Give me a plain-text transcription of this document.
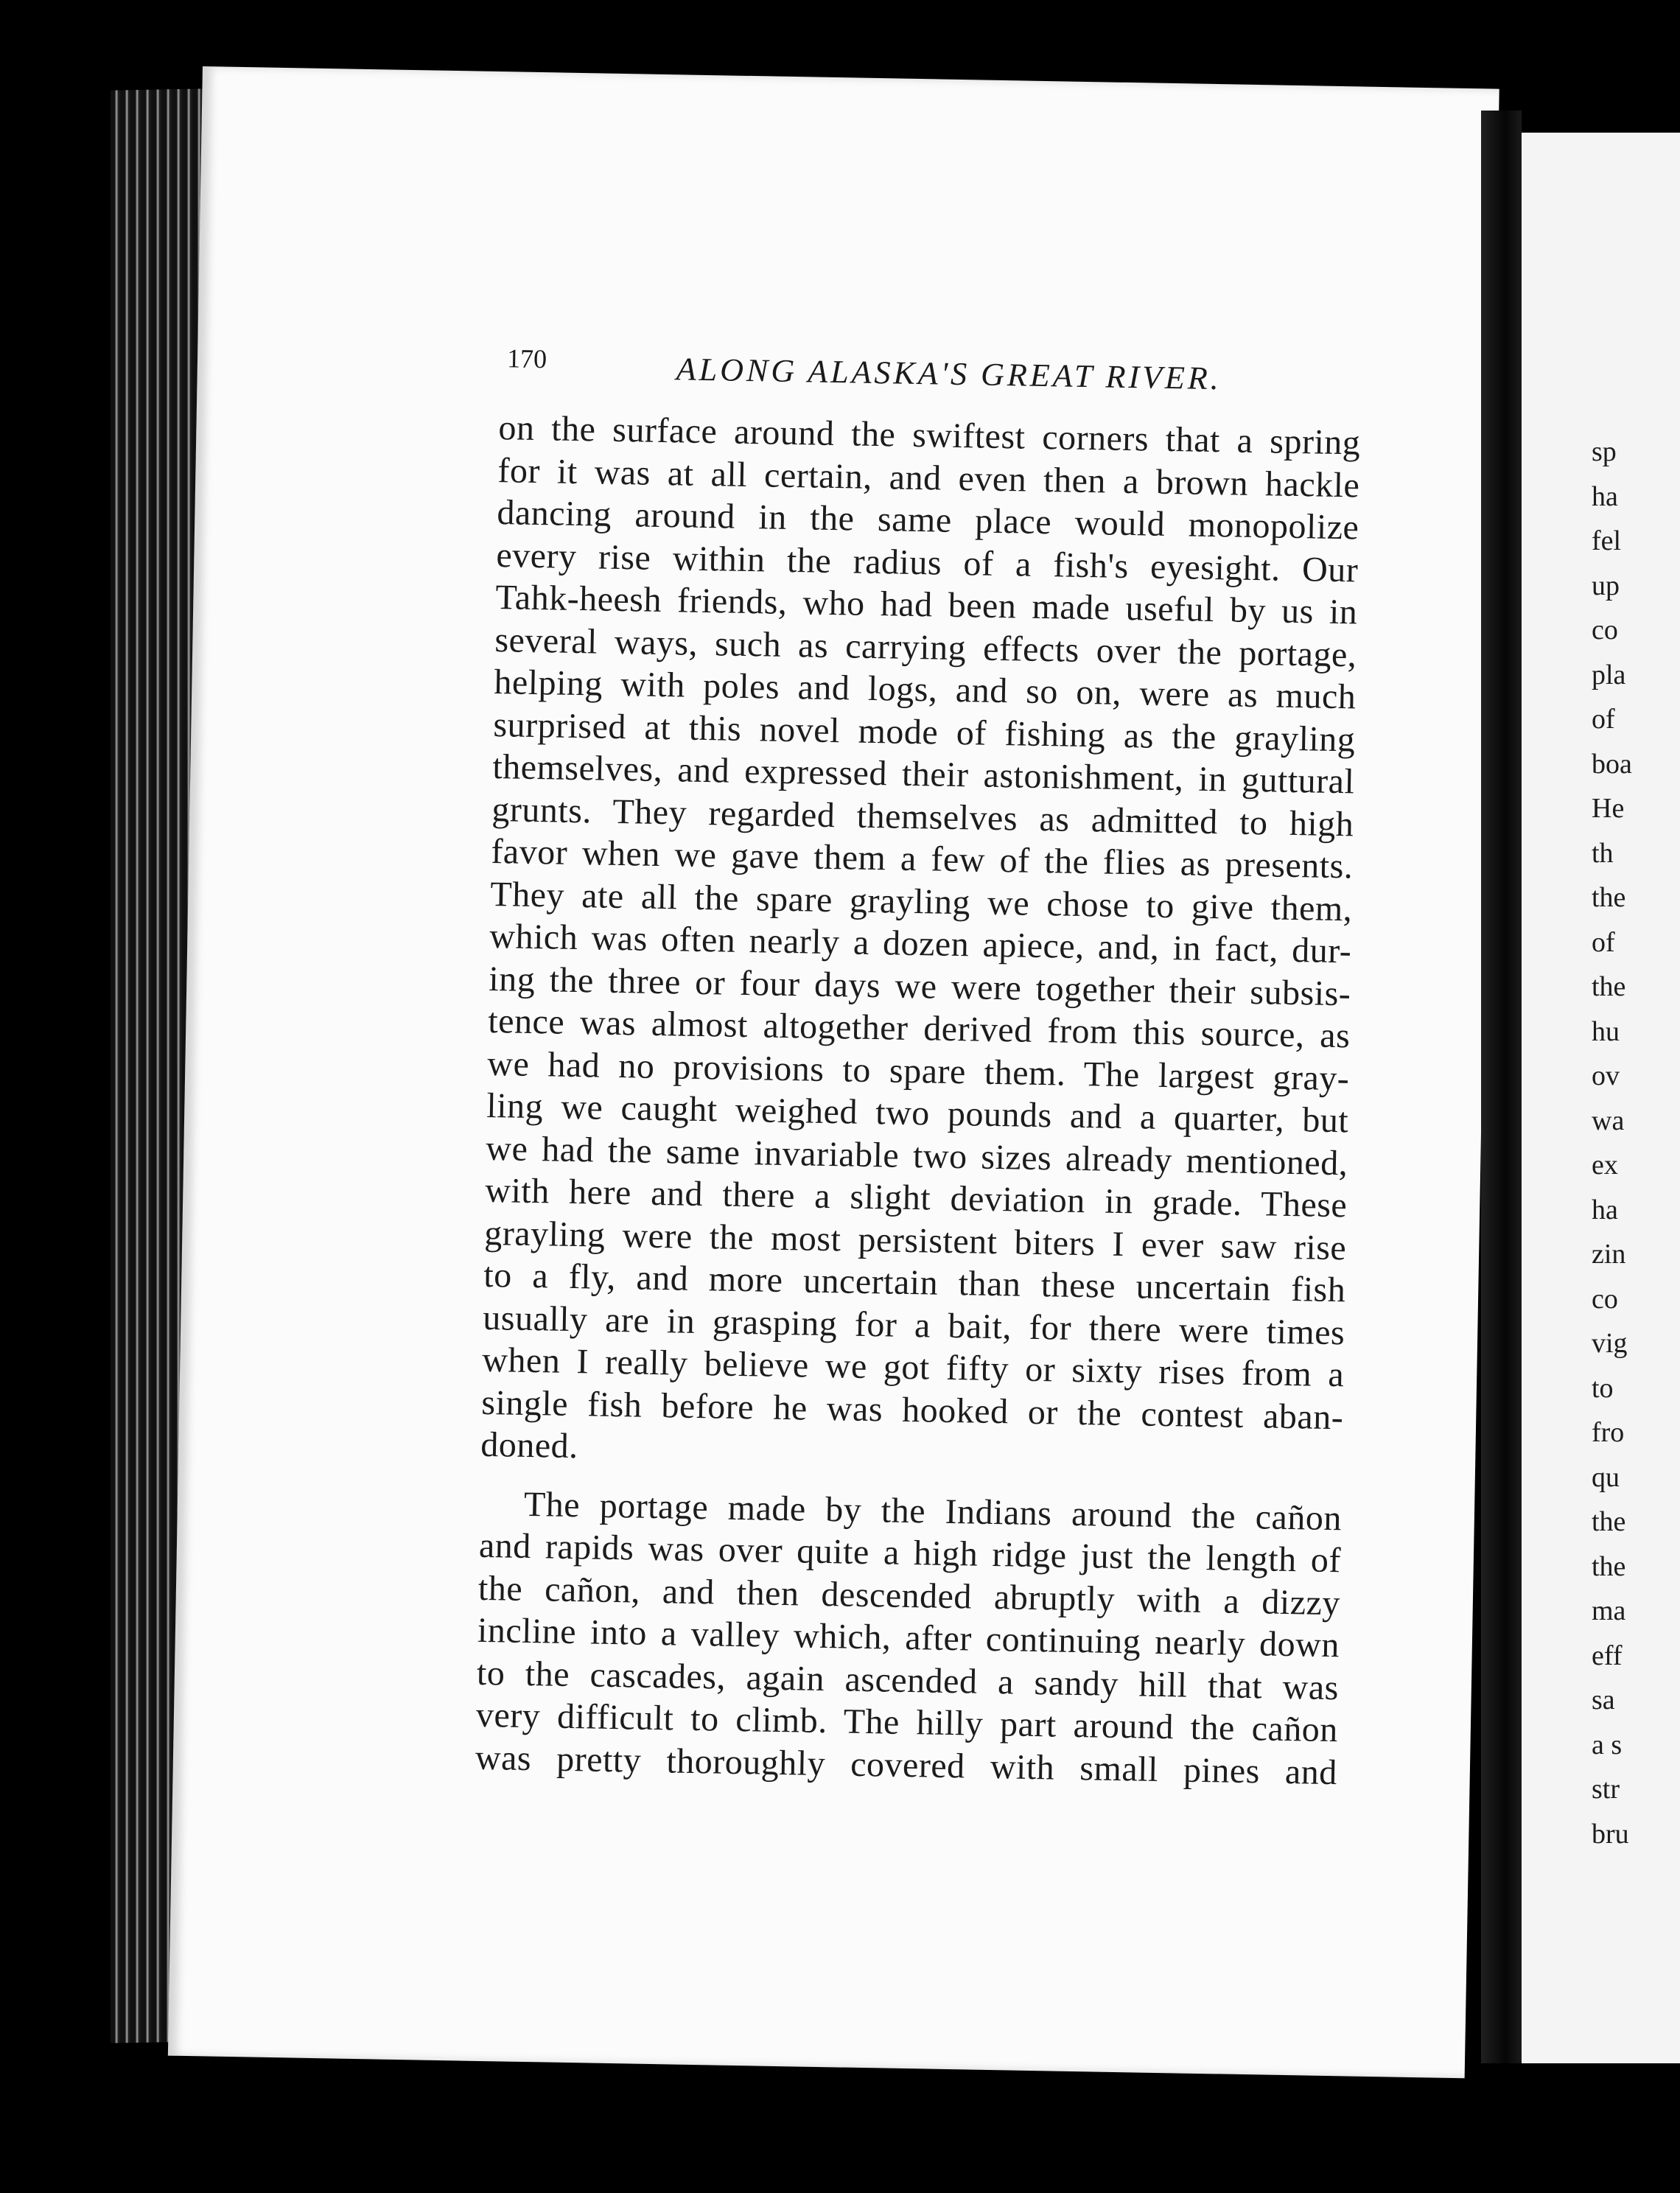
170	ALONG ALASKA'S GREAT RIVER.
on the surface around the swiftest corners that a spring
for it was at all certain, and even then a brown hackle
dancing around in the same place would monopolize
every rise within the radius of a fish's eyesight. Our
Tahk-heesh friends, who had been made useful by us in
several ways, such as carrying effects over the portage,
helping with poles and logs, and so on, were as much
surprised at this novel mode of fishing as the grayling
themselves, and expressed their astonishment, in guttural
grunts. They regarded themselves as admitted to high
favor when we gave them a few of the flies as presents.
They ate all the spare grayling we chose to give them,
which was often nearly a dozen apiece, and, in fact, dur-
ing the three or four days we were together their subsis-
tence was almost altogether derived from this source, as
we had no provisions to spare them. The largest gray-
ling we caught weighed two pounds and a quarter, but
we had the same invariable two sizes already mentioned,
with here and there a slight deviation in grade. These
grayling were the most persistent biters I ever saw rise
to a fly, and more uncertain than these uncertain fish
usually are in grasping for a bait, for there were times
when I really believe we got fifty or sixty rises from a
single fish before he was hooked or the contest aban-
doned.
The portage made by the Indians around the cañon
and rapids was over quite a high ridge just the length of
the cañon, and then descended abruptly with a dizzy
incline into a valley which, after continuing nearly down
to the cascades, again ascended a sandy hill that was
very difficult to climb. The hilly part around the cañon
was pretty thoroughly covered with small pines and
sp
ha
fel
up
co
pla
of
boa
He
th
the
of
the
hu
ov
wa
ex
ha
zin
co
vig
to
fro
qu
the
the
ma
eff
sa
a s
str
bru
